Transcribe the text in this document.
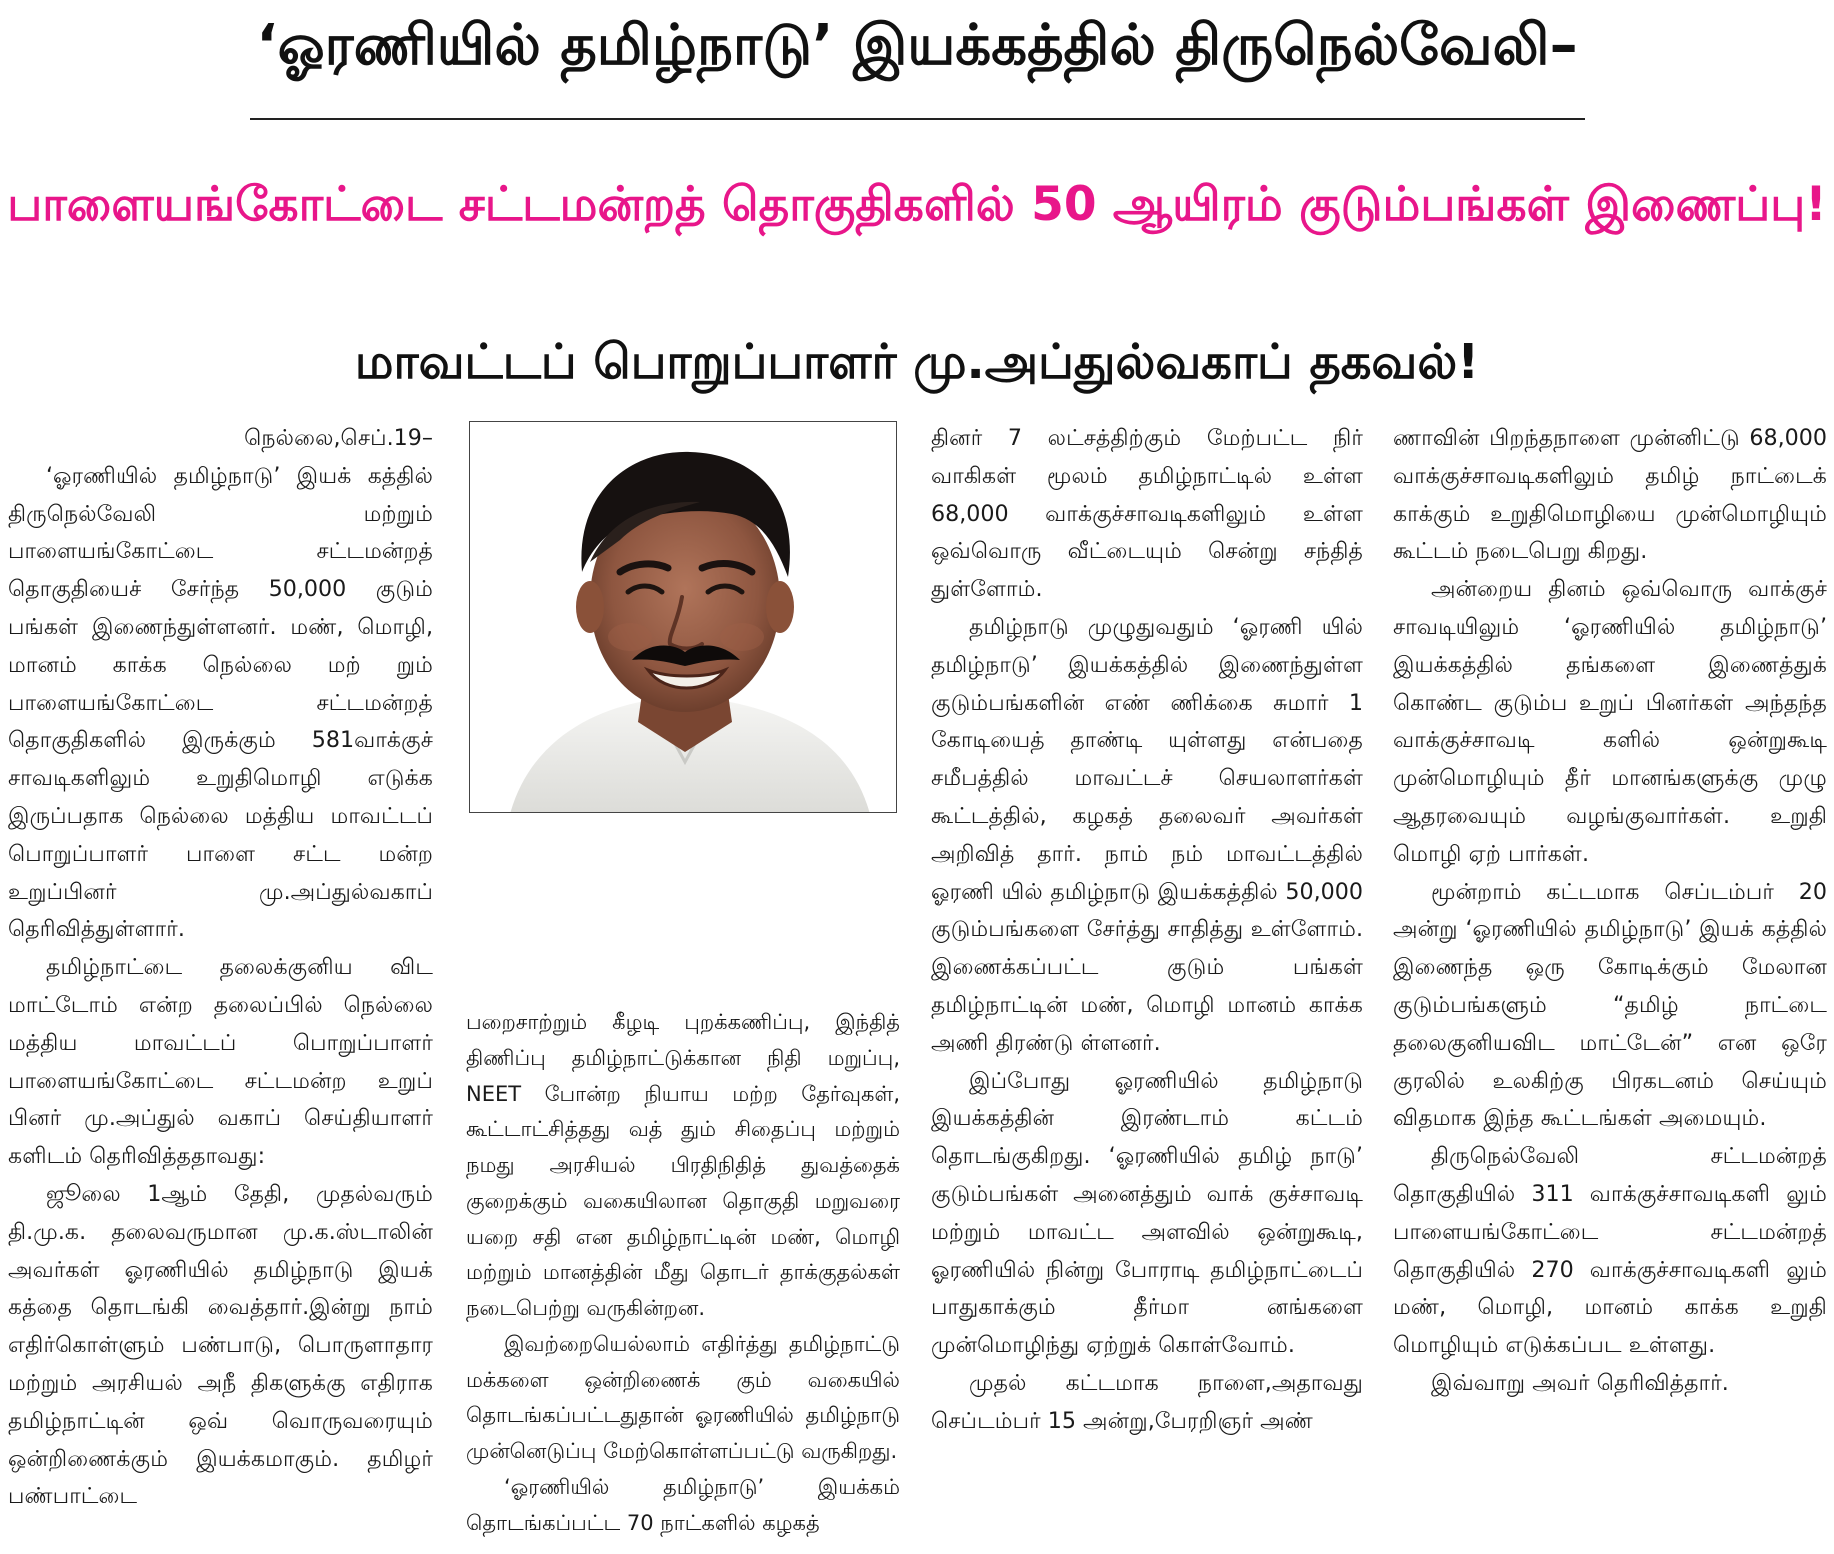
‘ஓரணியில் தமிழ்நாடு’ இயக்கத்தில் திருநெல்வேலி–
பாளையங்கோட்டை சட்டமன்றத் தொகுதிகளில் 50 ஆயிரம் குடும்பங்கள் இணைப்பு!
மாவட்டப் பொறுப்பாளர் மு.அப்துல்வகாப் தகவல்!

நெல்லை,செப்.19–

‘ஓரணியில் தமிழ்நாடு’ இயக் கத்தில் திருநெல்வேலி மற்றும் பாளையங்கோட்டை சட்டமன்றத் தொகுதியைச் சேர்ந்த 50,000 குடும் பங்கள் இணைந்துள்ளனர். மண், மொழி, மானம் காக்க நெல்லை மற் றும் பாளையங்கோட்டை சட்டமன்றத் தொகுதிகளில் இருக்கும் 581வாக்குச் சாவடிகளிலும் உறுதிமொழி எடுக்க இருப்பதாக நெல்லை மத்திய மாவட்டப் பொறுப்பாளர் பாளை சட்ட மன்ற உறுப்பினர் மு.அப்துல்வகாப் தெரிவித்துள்ளார்.

தமிழ்நாட்டை தலைக்குனிய விட மாட்டோம் என்ற தலைப்பில் நெல்லை மத்திய மாவட்டப் பொறுப்பாளர் பாளையங்கோட்டை சட்டமன்ற உறுப் பினர் மு.அப்துல் வகாப் செய்தியாளர் களிடம் தெரிவித்ததாவது:

ஜூலை 1ஆம் தேதி, முதல்வரும் தி.மு.க. தலைவருமான மு.க.ஸ்டாலின் அவர்கள் ஓரணியில் தமிழ்நாடு இயக் கத்தை தொடங்கி வைத்தார்.இன்று நாம் எதிர்கொள்ளும் பண்பாடு, பொருளாதார மற்றும் அரசியல் அநீ திகளுக்கு எதிராக தமிழ்நாட்டின் ஒவ் வொருவரையும் ஒன்றிணைக்கும் இயக்கமாகும். தமிழர் பண்பாட்டை

பறைசாற்றும் கீழடி புறக்கணிப்பு, இந்தித் திணிப்பு தமிழ்நாட்டுக்கான நிதி மறுப்பு, NEET போன்ற நியாய மற்ற தேர்வுகள், கூட்டாட்சித்தது வத் தும் சிதைப்பு மற்றும் நமது அரசியல் பிரதிநிதித் துவத்தைக் குறைக்கும் வகையிலான தொகுதி மறுவரை யறை சதி என தமிழ்நாட்டின் மண், மொழி மற்றும் மானத்தின் மீது தொடர் தாக்குதல்கள் நடைபெற்று வருகின்றன.

இவற்றையெல்லாம் எதிர்த்து தமிழ்நாட்டு மக்களை ஒன்றிணைக் கும் வகையில் தொடங்கப்பட்டதுதான் ஓரணியில் தமிழ்நாடு முன்னெடுப்பு மேற்கொள்ளப்பட்டு வருகிறது.

‘ஓரணியில் தமிழ்நாடு’ இயக்கம் தொடங்கப்பட்ட 70 நாட்களில் கழகத்

தினர் 7 லட்சத்திற்கும் மேற்பட்ட நிர் வாகிகள் மூலம் தமிழ்நாட்டில் உள்ள 68,000 வாக்குச்சாவடிகளிலும் உள்ள ஒவ்வொரு வீட்டையும் சென்று சந்தித் துள்ளோம்.

தமிழ்நாடு முழுதுவதும் ‘ஓரணி யில் தமிழ்நாடு’ இயக்கத்தில் இணைந்துள்ள குடும்பங்களின் எண் ணிக்கை சுமார் 1 கோடியைத் தாண்டி யுள்ளது என்பதை சமீபத்தில் மாவட்டச் செயலாளர்கள் கூட்டத்தில், கழகத் தலைவர் அவர்கள் அறிவித் தார். நாம் நம் மாவட்டத்தில் ஓரணி யில் தமிழ்நாடு இயக்கத்தில் 50,000 குடும்பங்களை சேர்த்து சாதித்து உள்ளோம். இணைக்கப்பட்ட குடும் பங்கள் தமிழ்நாட்டின் மண், மொழி மானம் காக்க அணி திரண்டு ள்ளனர்.

இப்போது ஓரணியில் தமிழ்நாடு இயக்கத்தின் இரண்டாம் கட்டம் தொடங்குகிறது. ‘ஓரணியில் தமிழ் நாடு’ குடும்பங்கள் அனைத்தும் வாக் குச்சாவடி மற்றும் மாவட்ட அளவில் ஒன்றுகூடி, ஓரணியில் நின்று போராடி தமிழ்நாட்டைப் பாதுகாக்கும் தீர்மா னங்களை முன்மொழிந்து ஏற்றுக் கொள்வோம்.

முதல் கட்டமாக நாளை,அதாவது செப்டம்பர் 15 அன்று,பேரறிஞர் அண்

ணாவின் பிறந்தநாளை முன்னிட்டு 68,000 வாக்குச்சாவடிகளிலும் தமிழ் நாட்டைக் காக்கும் உறுதிமொழியை முன்மொழியும் கூட்டம் நடைபெறு கிறது.

அன்றைய தினம் ஒவ்வொரு வாக்குச் சாவடியிலும் ‘ஓரணியில் தமிழ்நாடு’ இயக்கத்தில் தங்களை இணைத்துக் கொண்ட குடும்ப உறுப் பினர்கள் அந்தந்த வாக்குச்சாவடி களில் ஒன்றுகூடி முன்மொழியும் தீர் மானங்களுக்கு முழு ஆதரவையும் வழங்குவார்கள். உறுதி மொழி ஏற் பார்கள்.

மூன்றாம் கட்டமாக செப்டம்பர் 20 அன்று ‘ஓரணியில் தமிழ்நாடு’ இயக் கத்தில் இணைந்த ஒரு கோடிக்கும் மேலான குடும்பங்களும் “தமிழ் நாட்டை தலைகுனியவிட மாட்டேன்” என ஒரே குரலில் உலகிற்கு பிரகடனம் செய்யும் விதமாக இந்த கூட்டங்கள் அமையும்.

திருநெல்வேலி சட்டமன்றத் தொகுதியில் 311 வாக்குச்சாவடிகளி லும் பாளையங்கோட்டை சட்டமன்றத் தொகுதியில் 270 வாக்குச்சாவடிகளி லும் மண், மொழி, மானம் காக்க உறுதி மொழியும் எடுக்கப்பட உள்ளது.

இவ்வாறு அவர் தெரிவித்தார்.
